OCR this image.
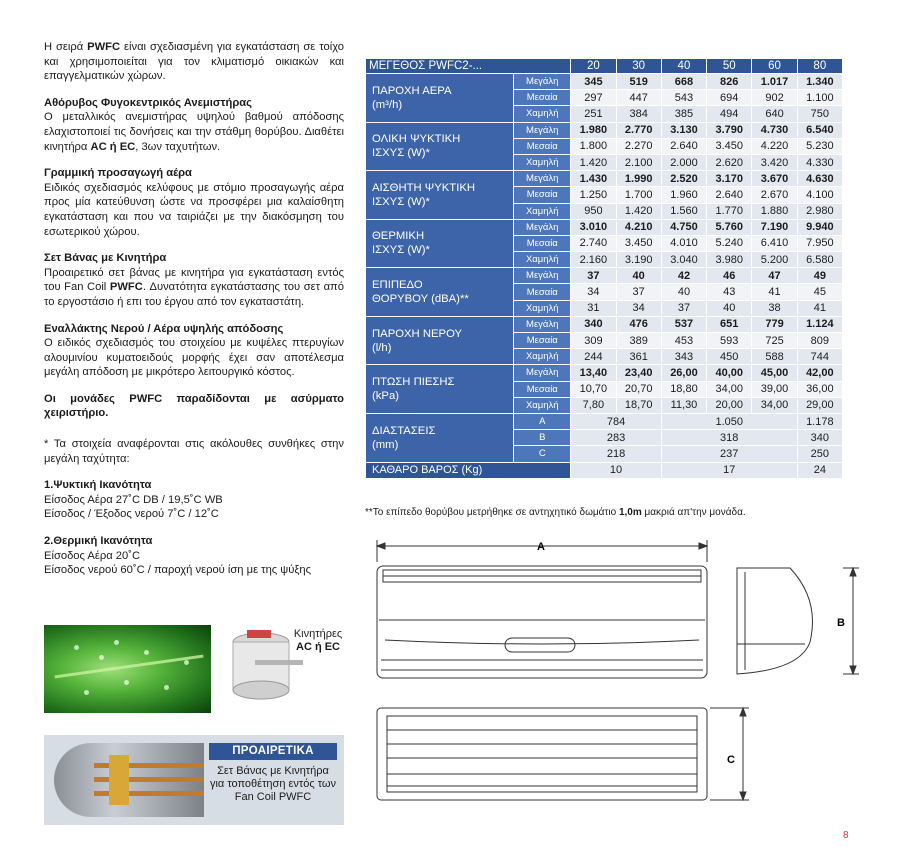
Η σειρά PWFC είναι σχεδιασμένη για εγκατάσταση σε τοίχο και χρησιμοποιείται για τον κλιματισμό οικιακών και επαγγελματικών χώρων.

Αθόρυβος Φυγοκεντρικός Ανεμιστήρας

Ο μεταλλικός ανεμιστήρας υψηλού βαθμού απόδοσης ελαχιστοποιεί τις δονήσεις και την στάθμη θορύβου. Διαθέτει κινητήρα AC ή EC, 3ων ταχυτήτων.

Γραμμική προσαγωγή αέρα

Ειδικός σχεδιασμός κελύφους με στόμιο προσαγωγής αέρα προς μία κατεύθυνση ώστε να προσφέρει μια καλαίσθητη εγκατάσταση και που να ταιριάζει με την διακόσμηση του εσωτερικού χώρου.

Σετ Βάνας με Κινητήρα

Προαιρετικό σετ βάνας με κινητήρα για εγκατάσταση εντός του Fan Coil PWFC. Δυνατότητα εγκατάστασης του σετ από το εργοστάσιο ή επι του έργου από τον εγκαταστάτη.

Εναλλάκτης Νερού / Αέρα υψηλής απόδοσης

Ο ειδικός σχεδιασμός του στοιχείου με κυψέλες πτερυγίων αλουμινίου κυματοειδούς μορφής έχει σαν αποτέλεσμα μεγάλη απόδοση με μικρότερο λειτουργικό κόστος.

Οι μονάδες PWFC παραδίδονται με ασύρματο χειριστήριο.

* Τα στοιχεία αναφέρονται στις ακόλουθες συνθήκες στην μεγάλη ταχύτητα:

1.Ψυκτική Ικανότητα

Είσοδος Αέρα 27˚C DB / 19,5˚C WB

Είσοδος / Έξοδος νερού 7˚C / 12˚C

2.Θερμική Ικανότητα

Είσοδος Αέρα 20˚C

Είσοδος νερού 60˚C / παροχή νερού ίση με της ψύξης

Κινητήρες
AC ή EC
ΠΡΟΑΙΡΕΤΙΚΑ
Σετ Βάνας με Κινητήρα για τοποθέτηση εντός των Fan Coil PWFC
ΜΕΓΕΘΟΣ PWFC2-...		20	30	40	50	60	80

ΠΑΡΟΧΗ ΑΕΡΑ
(m³/h)	Μεγάλη	345	519	668	826	1.017	1.340
	Μεσαία	297	447	543	694	902	1.100
	Χαμηλή	251	384	385	494	640	750

ΟΛΙΚΗ ΨΥΚΤΙΚΗ
ΙΣΧΥΣ (W)*	Μεγάλη	1.980	2.770	3.130	3.790	4.730	6.540
	Μεσαία	1.800	2.270	2.640	3.450	4.220	5.230
	Χαμηλή	1.420	2.100	2.000	2.620	3.420	4.330

ΑΙΣΘΗΤΗ ΨΥΚΤΙΚΗ
ΙΣΧΥΣ (W)*	Μεγάλη	1.430	1.990	2.520	3.170	3.670	4.630
	Μεσαία	1.250	1.700	1.960	2.640	2.670	4.100
	Χαμηλή	950	1.420	1.560	1.770	1.880	2.980

ΘΕΡΜΙΚΗ
ΙΣΧΥΣ (W)*	Μεγάλη	3.010	4.210	4.750	5.760	7.190	9.940
	Μεσαία	2.740	3.450	4.010	5.240	6.410	7.950
	Χαμηλή	2.160	3.190	3.040	3.980	5.200	6.580

ΕΠΙΠΕΔΟ
ΘΟΡΥΒΟΥ (dBA)**	Μεγάλη	37	40	42	46	47	49
	Μεσαία	34	37	40	43	41	45
	Χαμηλή	31	34	37	40	38	41

ΠΑΡΟΧΗ ΝΕΡΟΥ
(l/h)	Μεγάλη	340	476	537	651	779	1.124
	Μεσαία	309	389	453	593	725	809
	Χαμηλή	244	361	343	450	588	744

ΠΤΩΣΗ ΠΙΕΣΗΣ
(kPa)	Μεγάλη	13,40	23,40	26,00	40,00	45,00	42,00
	Μεσαία	10,70	20,70	18,80	34,00	39,00	36,00
	Χαμηλή	7,80	18,70	11,30	20,00	34,00	29,00

ΔΙΑΣΤΑΣΕΙΣ
(mm)	A	784		1.050			1.178
	B	283		318			340
	C	218		237			250
ΚΑΘΑΡΟ ΒΑΡΟΣ (Kg)		10		17			24
**Το επίπεδο θορύβου μετρήθηκε σε αντηχητικό δωμάτιο 1,0m μακριά απ'την μονάδα.
A
B
C
8
